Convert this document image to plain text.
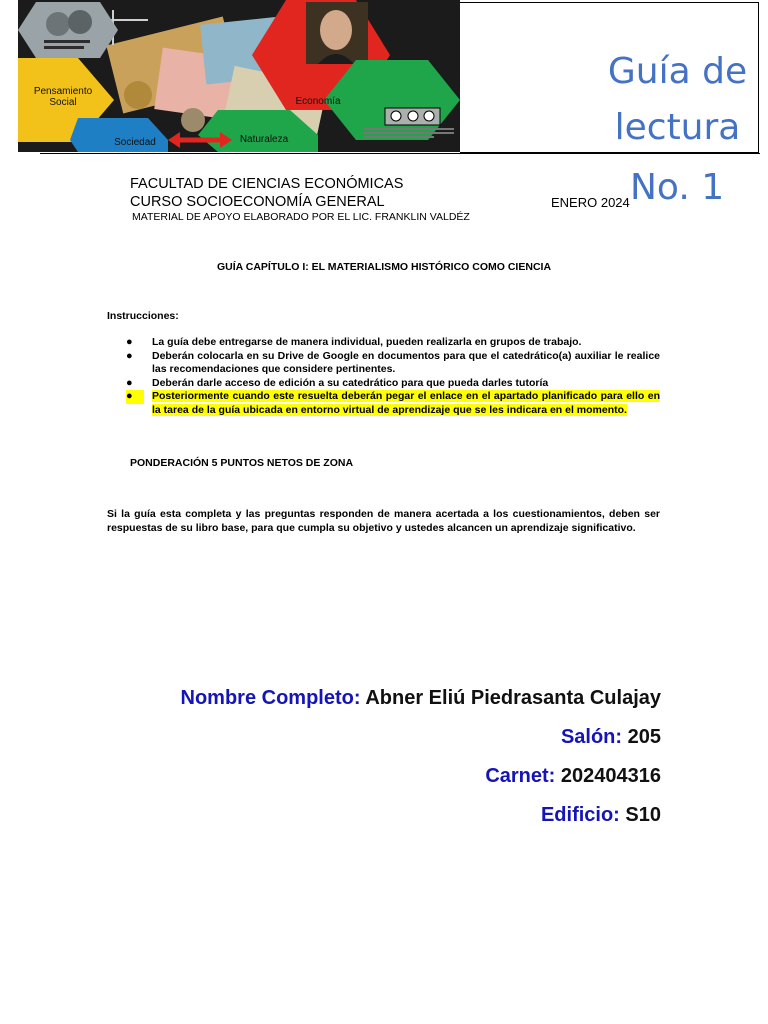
Pensamiento
Social	Economía
Sociedad	Naturaleza
Guía de lectura
No. 1
FACULTAD DE CIENCIAS ECONÓMICAS
CURSO SOCIOECONOMÍA GENERAL
MATERIAL DE APOYO ELABORADO POR EL LIC. FRANKLIN VALDÉZ
ENERO 2024
GUÍA CAPÍTULO I: EL MATERIALISMO HISTÓRICO COMO CIENCIA
Instrucciones:
●	La guía debe entregarse de manera individual, pueden realizarla en grupos de trabajo.
●	Deberán colocarla en su Drive de Google en documentos para que el catedrático(a) auxiliar le realice las recomendaciones que considere pertinentes.
●	Deberán darle acceso de edición a su catedrático para que pueda darles tutoría
●	Posteriormente cuando este resuelta deberán pegar el enlace en el apartado planificado para ello en la tarea de la guía ubicada en entorno virtual de aprendizaje que se les indicara en el momento.
PONDERACIÓN 5 PUNTOS NETOS DE ZONA
Si la guía esta completa y las preguntas responden de manera acertada a los cuestionamientos, deben ser respuestas de su libro base, para que cumpla su objetivo y ustedes alcancen un aprendizaje significativo.
Nombre Completo: Abner Eliú Piedrasanta Culajay
Salón: 205
Carnet: 202404316
Edificio: S10
